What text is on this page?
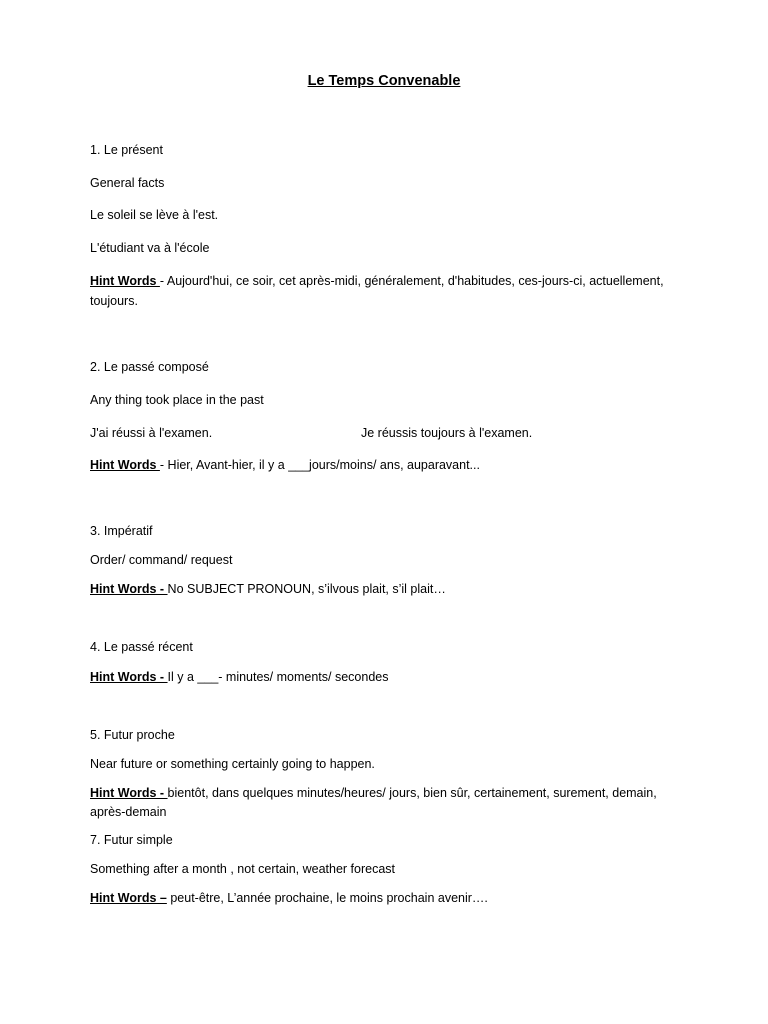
Le Temps Convenable
1. Le présent
General facts
Le soleil se lève à l'est.
L'étudiant va à l'école
Hint Words - Aujourd'hui, ce soir, cet après-midi, généralement, d'habitudes, ces-jours-ci, actuellement,
toujours.
2. Le passé composé
Any thing took place in the past
J'ai réussi à l'examen.	Je réussis toujours à l'examen.
Hint Words - Hier, Avant-hier, il y a ___jours/moins/ ans, auparavant...
3. Impératif
Order/ command/ request
Hint Words - No SUBJECT PRONOUN, s’ilvous plait, s’il plait…
4. Le passé récent
Hint Words - Il y a ___- minutes/ moments/ secondes
5. Futur proche
Near future or something certainly going to happen.
Hint Words - bientôt, dans quelques minutes/heures/ jours, bien sûr, certainement, surement, demain,
après-demain
7. Futur simple
Something after a month , not certain, weather forecast
Hint Words – peut-être, L’année prochaine, le moins prochain avenir….
